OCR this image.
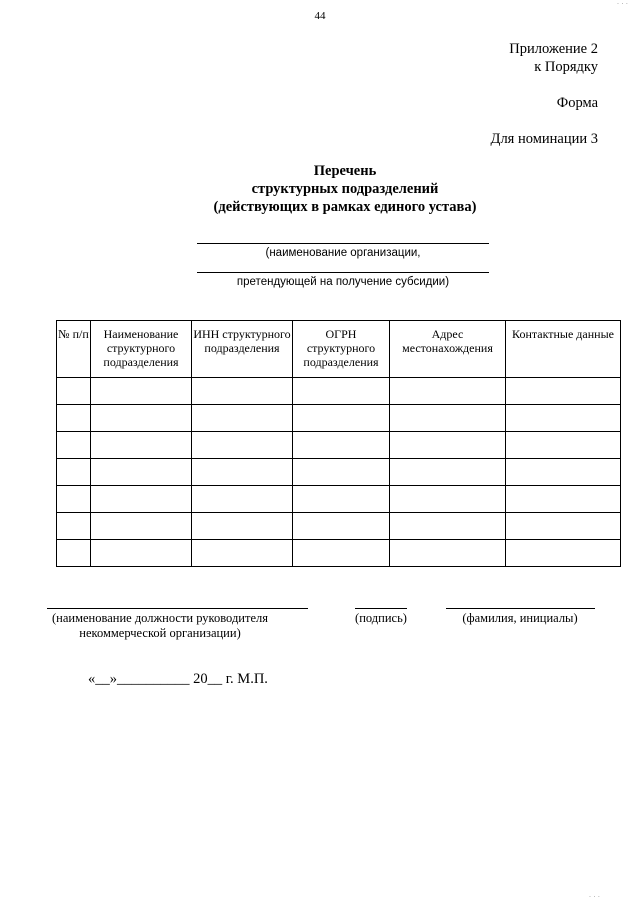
44
Приложение 2
к Порядку
Форма
Для номинации 3
Перечень
структурных подразделений
(действующих в рамках единого устава)
(наименование организации,
претендующей на получение субсидии)
№ п/п	Наименование структурного подразделения	ИНН структурного подразделения	ОГРН структурного подразделения	Адрес местонахождения	Контактные данные

(наименование должности руководителя
некоммерческой организации)
(подпись)	(фамилия, инициалы)
«__»__________ 20__ г. М.П.
· · ·
· · ·
